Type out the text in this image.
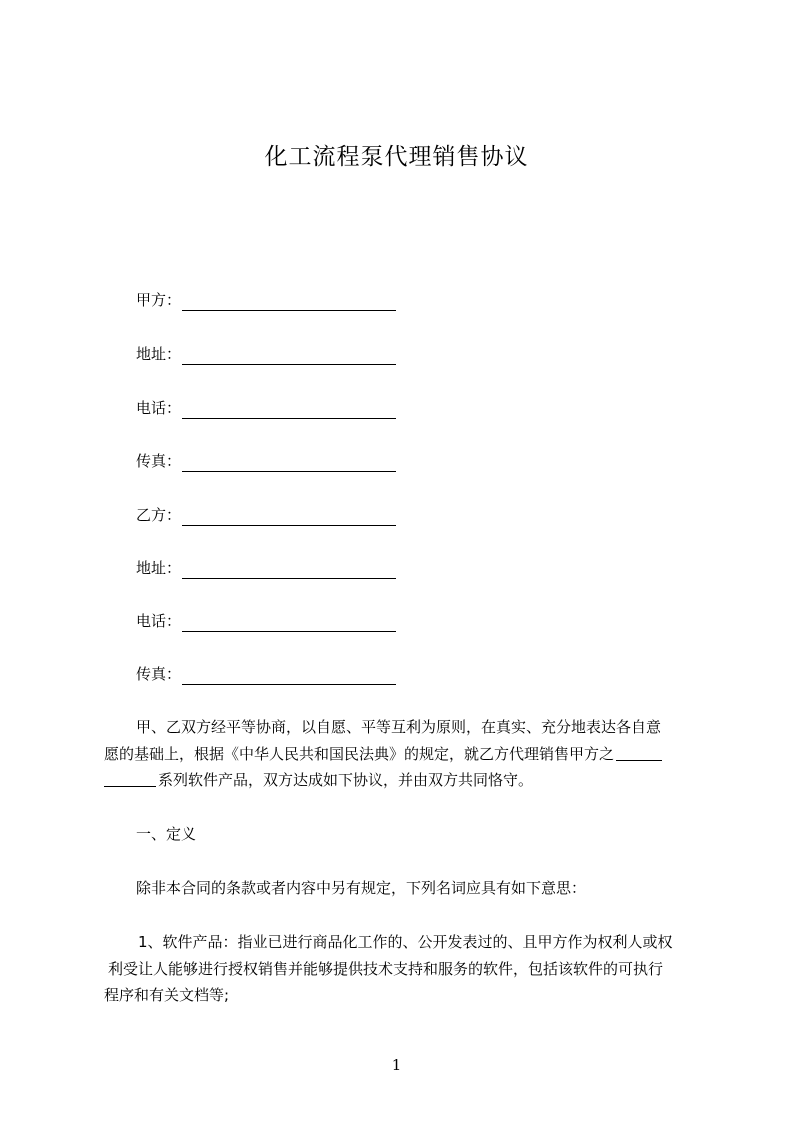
化工流程泵代理销售协议
甲方：
地址：
电话：
传真：
乙方：
地址：
电话：
传真：
甲、乙双方经平等协商，以自愿、平等互利为原则，在真实、充分地表达各自意
愿的基础上，根据《中华人民共和国民法典》的规定，就乙方代理销售甲方之
系列软件产品，双方达成如下协议，并由双方共同恪守。
一、定义
除非本合同的条款或者内容中另有规定，下列名词应具有如下意思：
1、软件产品：指业已进行商品化工作的、公开发表过的、且甲方作为权利人或权
利受让人能够进行授权销售并能够提供技术支持和服务的软件，包括该软件的可执行
程序和有关文档等;
1
